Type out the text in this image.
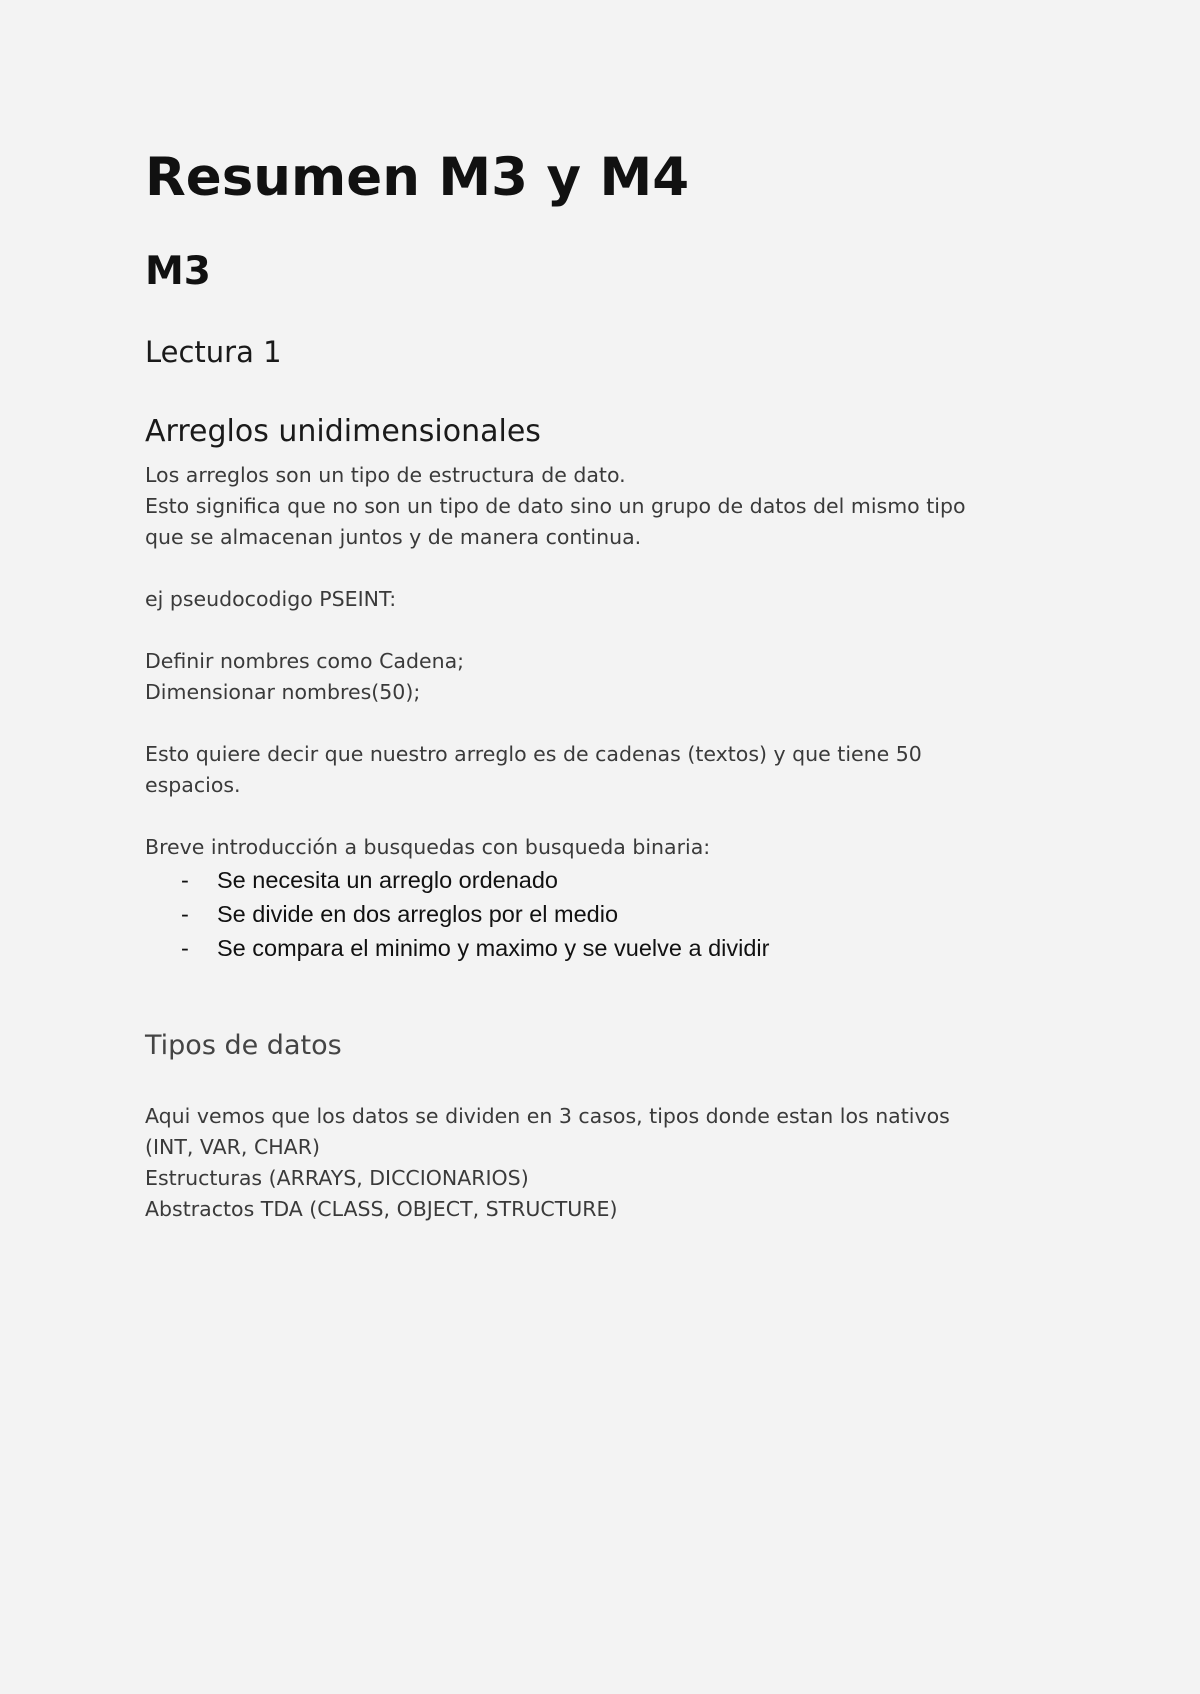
Resumen M3 y M4
M3
Lectura 1
Arreglos unidimensionales

Los arreglos son un tipo de estructura de dato.

Esto significa que no son un tipo de dato sino un grupo de datos del mismo tipo

que se almacenan juntos y de manera continua.

ej pseudocodigo PSEINT:

Definir nombres como Cadena;

Dimensionar nombres(50);

Esto quiere decir que nuestro arreglo es de cadenas (textos) y que tiene 50

espacios.

Breve introducción a busquedas con busqueda binaria:

- Se necesita un arreglo ordenado
- Se divide en dos arreglos por el medio
- Se compara el minimo y maximo y se vuelve a dividir
Tipos de datos

Aqui vemos que los datos se dividen en 3 casos, tipos donde estan los nativos

(INT, VAR, CHAR)

Estructuras (ARRAYS, DICCIONARIOS)

Abstractos TDA (CLASS, OBJECT, STRUCTURE)
